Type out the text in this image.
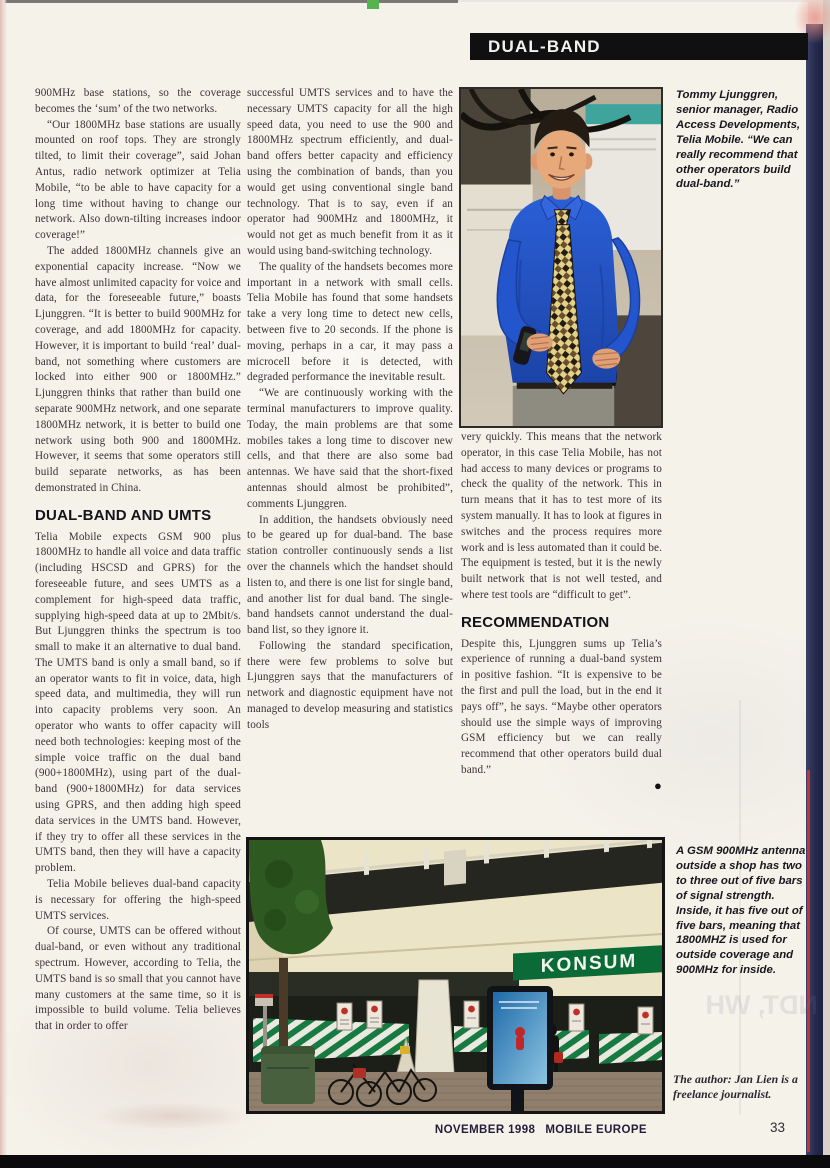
DUAL-BAND

900MHz base stations, so the coverage becomes the ‘sum’ of the two networks.

“Our 1800MHz base stations are usually mounted on roof tops. They are strongly tilted, to limit their coverage”, said Johan Antus, radio network optimizer at Telia Mobile, “to be able to have capacity for a long time without having to change our network. Also down-tilting increases indoor coverage!”

The added 1800MHz channels give an exponential capacity increase. “Now we have almost unlimited capacity for voice and data, for the foreseeable future,” boasts Ljunggren. “It is better to build 900MHz for coverage, and add 1800MHz for capacity. However, it is important to build ‘real’ dual-band, not something where customers are locked into either 900 or 1800MHz.” Ljunggren thinks that rather than build one separate 900MHz network, and one separate 1800MHz network, it is better to build one network using both 900 and 1800MHz. However, it seems that some operators still build separate networks, as has been demonstrated in China.

DUAL-BAND AND UMTS

Telia Mobile expects GSM 900 plus 1800MHz to handle all voice and data traffic (including HSCSD and GPRS) for the foreseeable future, and sees UMTS as a complement for high-speed data traffic, supplying high-speed data at up to 2Mbit/s. But Ljunggren thinks the spectrum is too small to make it an alternative to dual band. The UMTS band is only a small band, so if an operator wants to fit in voice, data, high speed data, and multimedia, they will run into capacity problems very soon. An operator who wants to offer capacity will need both technologies: keeping most of the simple voice traffic on the dual band (900+1800MHz), using part of the dual-band (900+1800MHz) for data services using GPRS, and then adding high speed data services in the UMTS band. However, if they try to offer all these services in the UMTS band, then they will have a capacity problem.

Telia Mobile believes dual-band capacity is necessary for offering the high-speed UMTS services.

Of course, UMTS can be offered without dual-band, or even without any traditional spectrum. However, according to Telia, the UMTS band is so small that you cannot have many customers at the same time, so it is impossible to build volume. Telia believes that in order to offer

successful UMTS services and to have the necessary UMTS capacity for all the high speed data, you need to use the 900 and 1800MHz spectrum efficiently, and dual-band offers better capacity and efficiency using the combination of bands, than you would get using conventional single band technology. That is to say, even if an operator had 900MHz and 1800MHz, it would not get as much benefit from it as it would using band-switching technology.

The quality of the handsets becomes more important in a network with small cells. Telia Mobile has found that some handsets take a very long time to detect new cells, between five to 20 seconds. If the phone is moving, perhaps in a car, it may pass a microcell before it is detected, with degraded performance the inevitable result.

“We are continuously working with the terminal manufacturers to improve quality. Today, the main problems are that some mobiles takes a long time to discover new cells, and that there are also some bad antennas. We have said that the short-fixed antennas should almost be prohibited”, comments Ljunggren.

In addition, the handsets obviously need to be geared up for dual-band. The base station controller continuously sends a list over the channels which the handset should listen to, and there is one list for single band, and another list for dual band. The single-band handsets cannot understand the dual-band list, so they ignore it.

Following the standard specification, there were few problems to solve but Ljunggren says that the manufacturers of network and diagnostic equipment have not managed to develop measuring and statistics tools

very quickly. This means that the network operator, in this case Telia Mobile, has not had access to many devices or programs to check the quality of the network. This in turn means that it has to test more of its system manually. It has to look at figures in switches and the process requires more work and is less automated than it could be. The equipment is tested, but it is the newly built network that is not well tested, and where test tools are “difficult to get”.

RECOMMENDATION

Despite this, Ljunggren sums up Telia’s experience of running a dual-band system in positive fashion. “It is expensive to be the first and pull the load, but in the end it pays off”, he says. “Maybe other operators should use the simple ways of improving GSM efficiency but we can really recommend that other operators build dual band.”

●
Tommy Ljunggren, senior manager, Radio Access Developments, Telia Mobile. “We can really recommend that other operators build dual-band.”
KONSUM
A GSM 900MHz antenna outside a shop has two to three out of five bars of signal strength. Inside, it has five out of five bars, meaning that 1800MHZ is used for outside coverage and 900MHz for inside.
The author: Jan Lien is a freelance journalist.
NDT, WH
NOVEMBER 1998 MOBILE EUROPE	33
